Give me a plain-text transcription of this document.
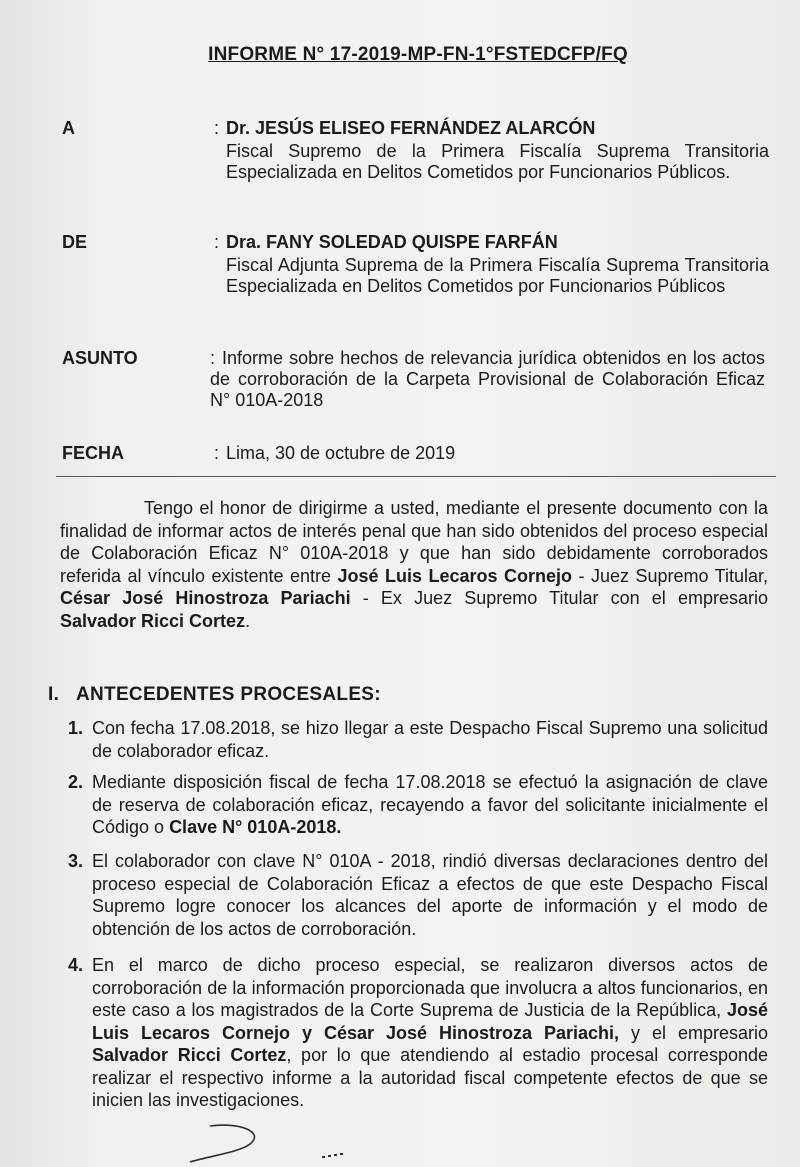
INFORME N° 17-2019-MP-FN-1°FSTEDCFP/FQ
A	: Dr. JESÚS ELISEO FERNÁNDEZ ALARCÓN
Fiscal Supremo de la Primera Fiscalía Suprema Transitoria Especializada en Delitos Cometidos por Funcionarios Públicos.
DE	: Dra. FANY SOLEDAD QUISPE FARFÁN
Fiscal Adjunta Suprema de la Primera Fiscalía Suprema Transitoria Especializada en Delitos Cometidos por Funcionarios Públicos
ASUNTO	: Informe sobre hechos de relevancia jurídica obtenidos en los actos de corroboración de la Carpeta Provisional de Colaboración Eficaz N° 010A-2018
FECHA	: Lima, 30 de octubre de 2019
Tengo el honor de dirigirme a usted, mediante el presente documento con la finalidad de informar actos de interés penal que han sido obtenidos del proceso especial de Colaboración Eficaz N° 010A-2018 y que han sido debidamente corroborados referida al vínculo existente entre José Luis Lecaros Cornejo - Juez Supremo Titular, César José Hinostroza Pariachi - Ex Juez Supremo Titular con el empresario Salvador Ricci Cortez.
I. ANTECEDENTES PROCESALES:
1. Con fecha 17.08.2018, se hizo llegar a este Despacho Fiscal Supremo una solicitud de colaborador eficaz.
2. Mediante disposición fiscal de fecha 17.08.2018 se efectuó la asignación de clave de reserva de colaboración eficaz, recayendo a favor del solicitante inicialmente el Código o Clave N° 010A-2018.
3. El colaborador con clave N° 010A - 2018, rindió diversas declaraciones dentro del proceso especial de Colaboración Eficaz a efectos de que este Despacho Fiscal Supremo logre conocer los alcances del aporte de información y el modo de obtención de los actos de corroboración.
4. En el marco de dicho proceso especial, se realizaron diversos actos de corroboración de la información proporcionada que involucra a altos funcionarios, en este caso a los magistrados de la Corte Suprema de Justicia de la República, José Luis Lecaros Cornejo y César José Hinostroza Pariachi, y el empresario Salvador Ricci Cortez, por lo que atendiendo al estadio procesal corresponde realizar el respectivo informe a la autoridad fiscal competente efectos de que se inicien las investigaciones.
